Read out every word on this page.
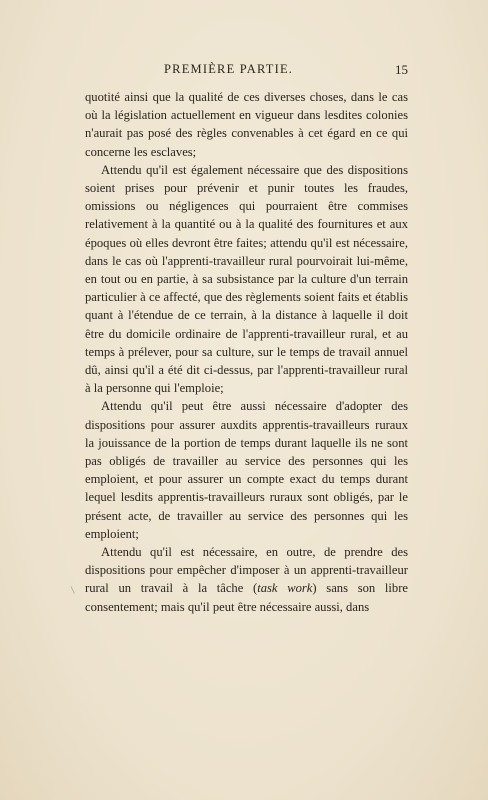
PREMIÈRE PARTIE.	15

quotité ainsi que la qualité de ces diverses choses, dans le cas où la législation actuellement en vigueur dans lesdites colonies n'aurait pas posé des règles convenables à cet égard en ce qui concerne les esclaves;

Attendu qu'il est également nécessaire que des dispositions soient prises pour prévenir et punir toutes les fraudes, omissions ou négligences qui pourraient être commises relativement à la quantité ou à la qualité des fournitures et aux époques où elles devront être faites; attendu qu'il est nécessaire, dans le cas où l'apprenti-travailleur rural pourvoirait lui-même, en tout ou en partie, à sa subsistance par la culture d'un terrain particulier à ce affecté, que des règlements soient faits et établis quant à l'étendue de ce terrain, à la distance à laquelle il doit être du domicile ordinaire de l'apprenti-travailleur rural, et au temps à prélever, pour sa culture, sur le temps de travail annuel dû, ainsi qu'il a été dit ci-dessus, par l'apprenti-travailleur rural à la personne qui l'emploie;

Attendu qu'il peut être aussi nécessaire d'adopter des dispositions pour assurer auxdits apprentis-travailleurs ruraux la jouissance de la portion de temps durant laquelle ils ne sont pas obligés de travailler au service des personnes qui les emploient, et pour assurer un compte exact du temps durant lequel lesdits apprentis-travailleurs ruraux sont obligés, par le présent acte, de travailler au service des personnes qui les emploient;

Attendu qu'il est nécessaire, en outre, de prendre des dispositions pour empêcher d'imposer à un apprenti-travailleur rural un travail à la tâche (task work) sans son libre consentement; mais qu'il peut être nécessaire aussi, dans
